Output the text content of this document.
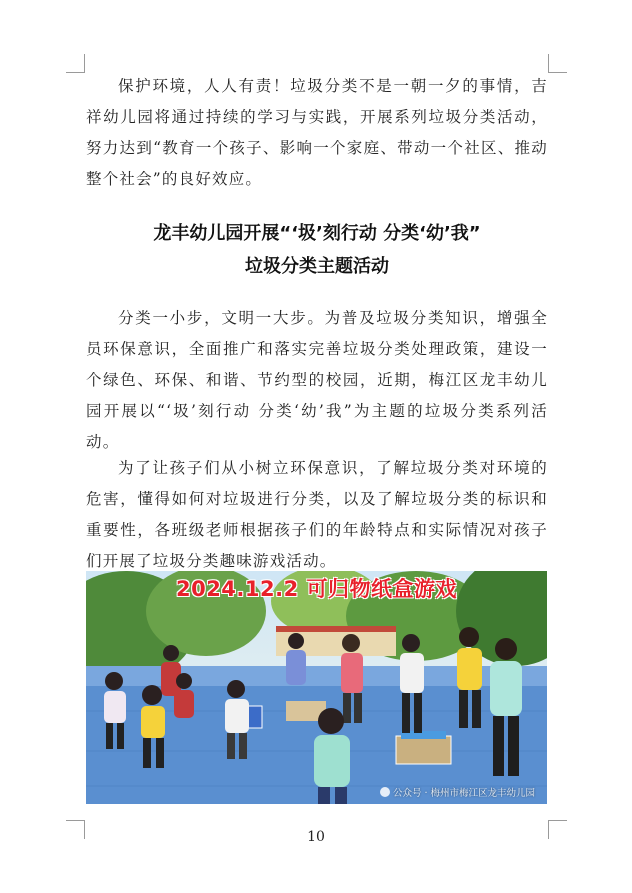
保护环境，人人有责！垃圾分类不是一朝一夕的事情，吉祥幼儿园将通过持续的学习与实践，开展系列垃圾分类活动，努力达到“教育一个孩子、影响一个家庭、带动一个社区、推动整个社会”的良好效应。

龙丰幼儿园开展“‘圾’刻行动 分类‘幼’我”
垃圾分类主题活动

分类一小步，文明一大步。为普及垃圾分类知识，增强全员环保意识，全面推广和落实完善垃圾分类处理政策，建设一个绿色、环保、和谐、节约型的校园，近期，梅江区龙丰幼儿园开展以“‘圾’刻行动 分类‘幼’我”为主题的垃圾分类系列活动。

为了让孩子们从小树立环保意识，了解垃圾分类对环境的危害，懂得如何对垃圾进行分类，以及了解垃圾分类的标识和重要性，各班级老师根据孩子们的年龄特点和实际情况对孩子们开展了垃圾分类趣味游戏活动。

2024.12.2 可归物纸盒游戏
公众号 · 梅州市梅江区龙丰幼儿园
10
